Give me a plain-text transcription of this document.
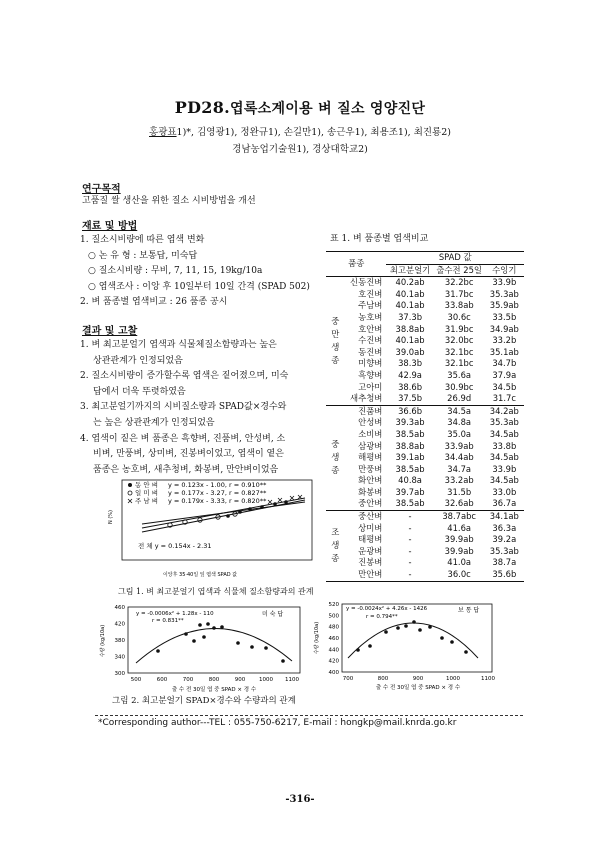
PD28.엽록소계이용 벼 질소 영양진단
홍광표1)*, 김영광1), 정완규1), 손길만1), 송근우1), 최용조1), 최진룡2)
경남농업기술원1), 경상대학교2)
연구목적
고품질 쌀 생산을 위한 질소 시비방법을 개선
재료 및 방법
1. 질소시비량에 따른 엽색 변화
○ 논 유 형 : 보통답, 미숙답
○ 질소시비량 : 무비, 7, 11, 15, 19kg/10a
○ 엽색조사 : 이앙 후 10일부터 10일 간격 (SPAD 502)
2. 벼 품종별 엽색비교 : 26 품종 공시
결과 및 고찰
1. 벼 최고분얼기 엽색과 식물체질소함량과는 높은
상관관계가 인정되었음
2. 질소시비량이 증가할수록 엽색은 짙어졌으며, 미숙
답에서 더욱 뚜렷하였음
3. 최고분얼기까지의 시비질소량과 SPAD값×경수와
는 높은 상관관계가 인정되었음
4. 엽색이 짙은 벼 품종은 흑향벼, 진품벼, 안성벼, 소
비벼, 만풍벼, 상미벼, 진봉벼이었고, 엽색이 옅은
품종은 농호벼, 새추청벼, 화봉벼, 만안벼이었음
N (%)
동 안 벼 y = 0.123x - 1.00, r = 0.910**
일 미 벼 y = 0.177x - 3.27, r = 0.827**
주 남 벼 y = 0.179x - 3.33, r = 0.820**
전 체 y = 0.154x - 2.31
이앙후 35·40일 잎 엽색 SPAD 값
그림 1. 벼 최고분얼기 엽색과 식물체 질소함량과의 관계
표 1. 벼 품종별 엽색비교
품종		SPAD 값		
		최고분얼기	출수전 25일	수잉기
중만
생종	신동진벼	40.2ab	32.2bc	33.9b
	호진벼	40.1ab	31.7bc	35.3ab
	주남벼	40.1ab	33.8ab	35.9ab
	농호벼	37.3b	30.6c	33.5b
	호안벼	38.8ab	31.9bc	34.9ab
	수진벼	40.1ab	32.0bc	33.2b
	동진벼	39.0ab	32.1bc	35.1ab
	미향벼	38.3b	32.1bc	34.7b
	흑향벼	42.9a	35.6a	37.9a
	고아미	38.6b	30.9bc	34.5b
	새추청벼	37.5b	26.9d	31.7c
중생종	진품벼	36.6b	34.5a	34.2ab
	안성벼	39.3ab	34.8a	35.3ab
	소비벼	38.5ab	35.0a	34.5ab
	삼광벼	38.8ab	33.9ab	33.8b
	해평벼	39.1ab	34.4ab	34.5ab
	만풍벼	38.5ab	34.7a	33.9b
	화안벼	40.8a	33.2ab	34.5ab
	화봉벼	39.7ab	31.5b	33.0b
	중안벼	38.5ab	32.6ab	36.7a
조생종	중산벼	-	38.7abc	34.1ab
	상미벼	-	41.6a	36.3a
	태평벼	-	39.9ab	39.2a
	운광벼	-	39.9ab	35.3ab
	진봉벼	-	41.0a	38.7a
	만안벼	-	36.0c	35.6b
300
340
380
420
460
500	600	700	800	900	1000 1100
y = -0.0006x² + 1.28x - 110
r = 0.831**
미 숙 답
수량 (kg/10a)
출 수 전 30일 엽 중 SPAD × 경 수
400
420
440
460
480
500
520
700	800	900	1000	1100
y = -0.0024x² + 4.26x - 1426
r = 0.794**
보 통 답
수량 (kg/10a)
출 수 전 30일 엽 중 SPAD × 경 수
그림 2. 최고분얼기 SPAD×경수와 수량과의 관계
*Corresponding author---TEL : 055-750-6217, E-mail : hongkp@mail.knrda.go.kr
-316-
